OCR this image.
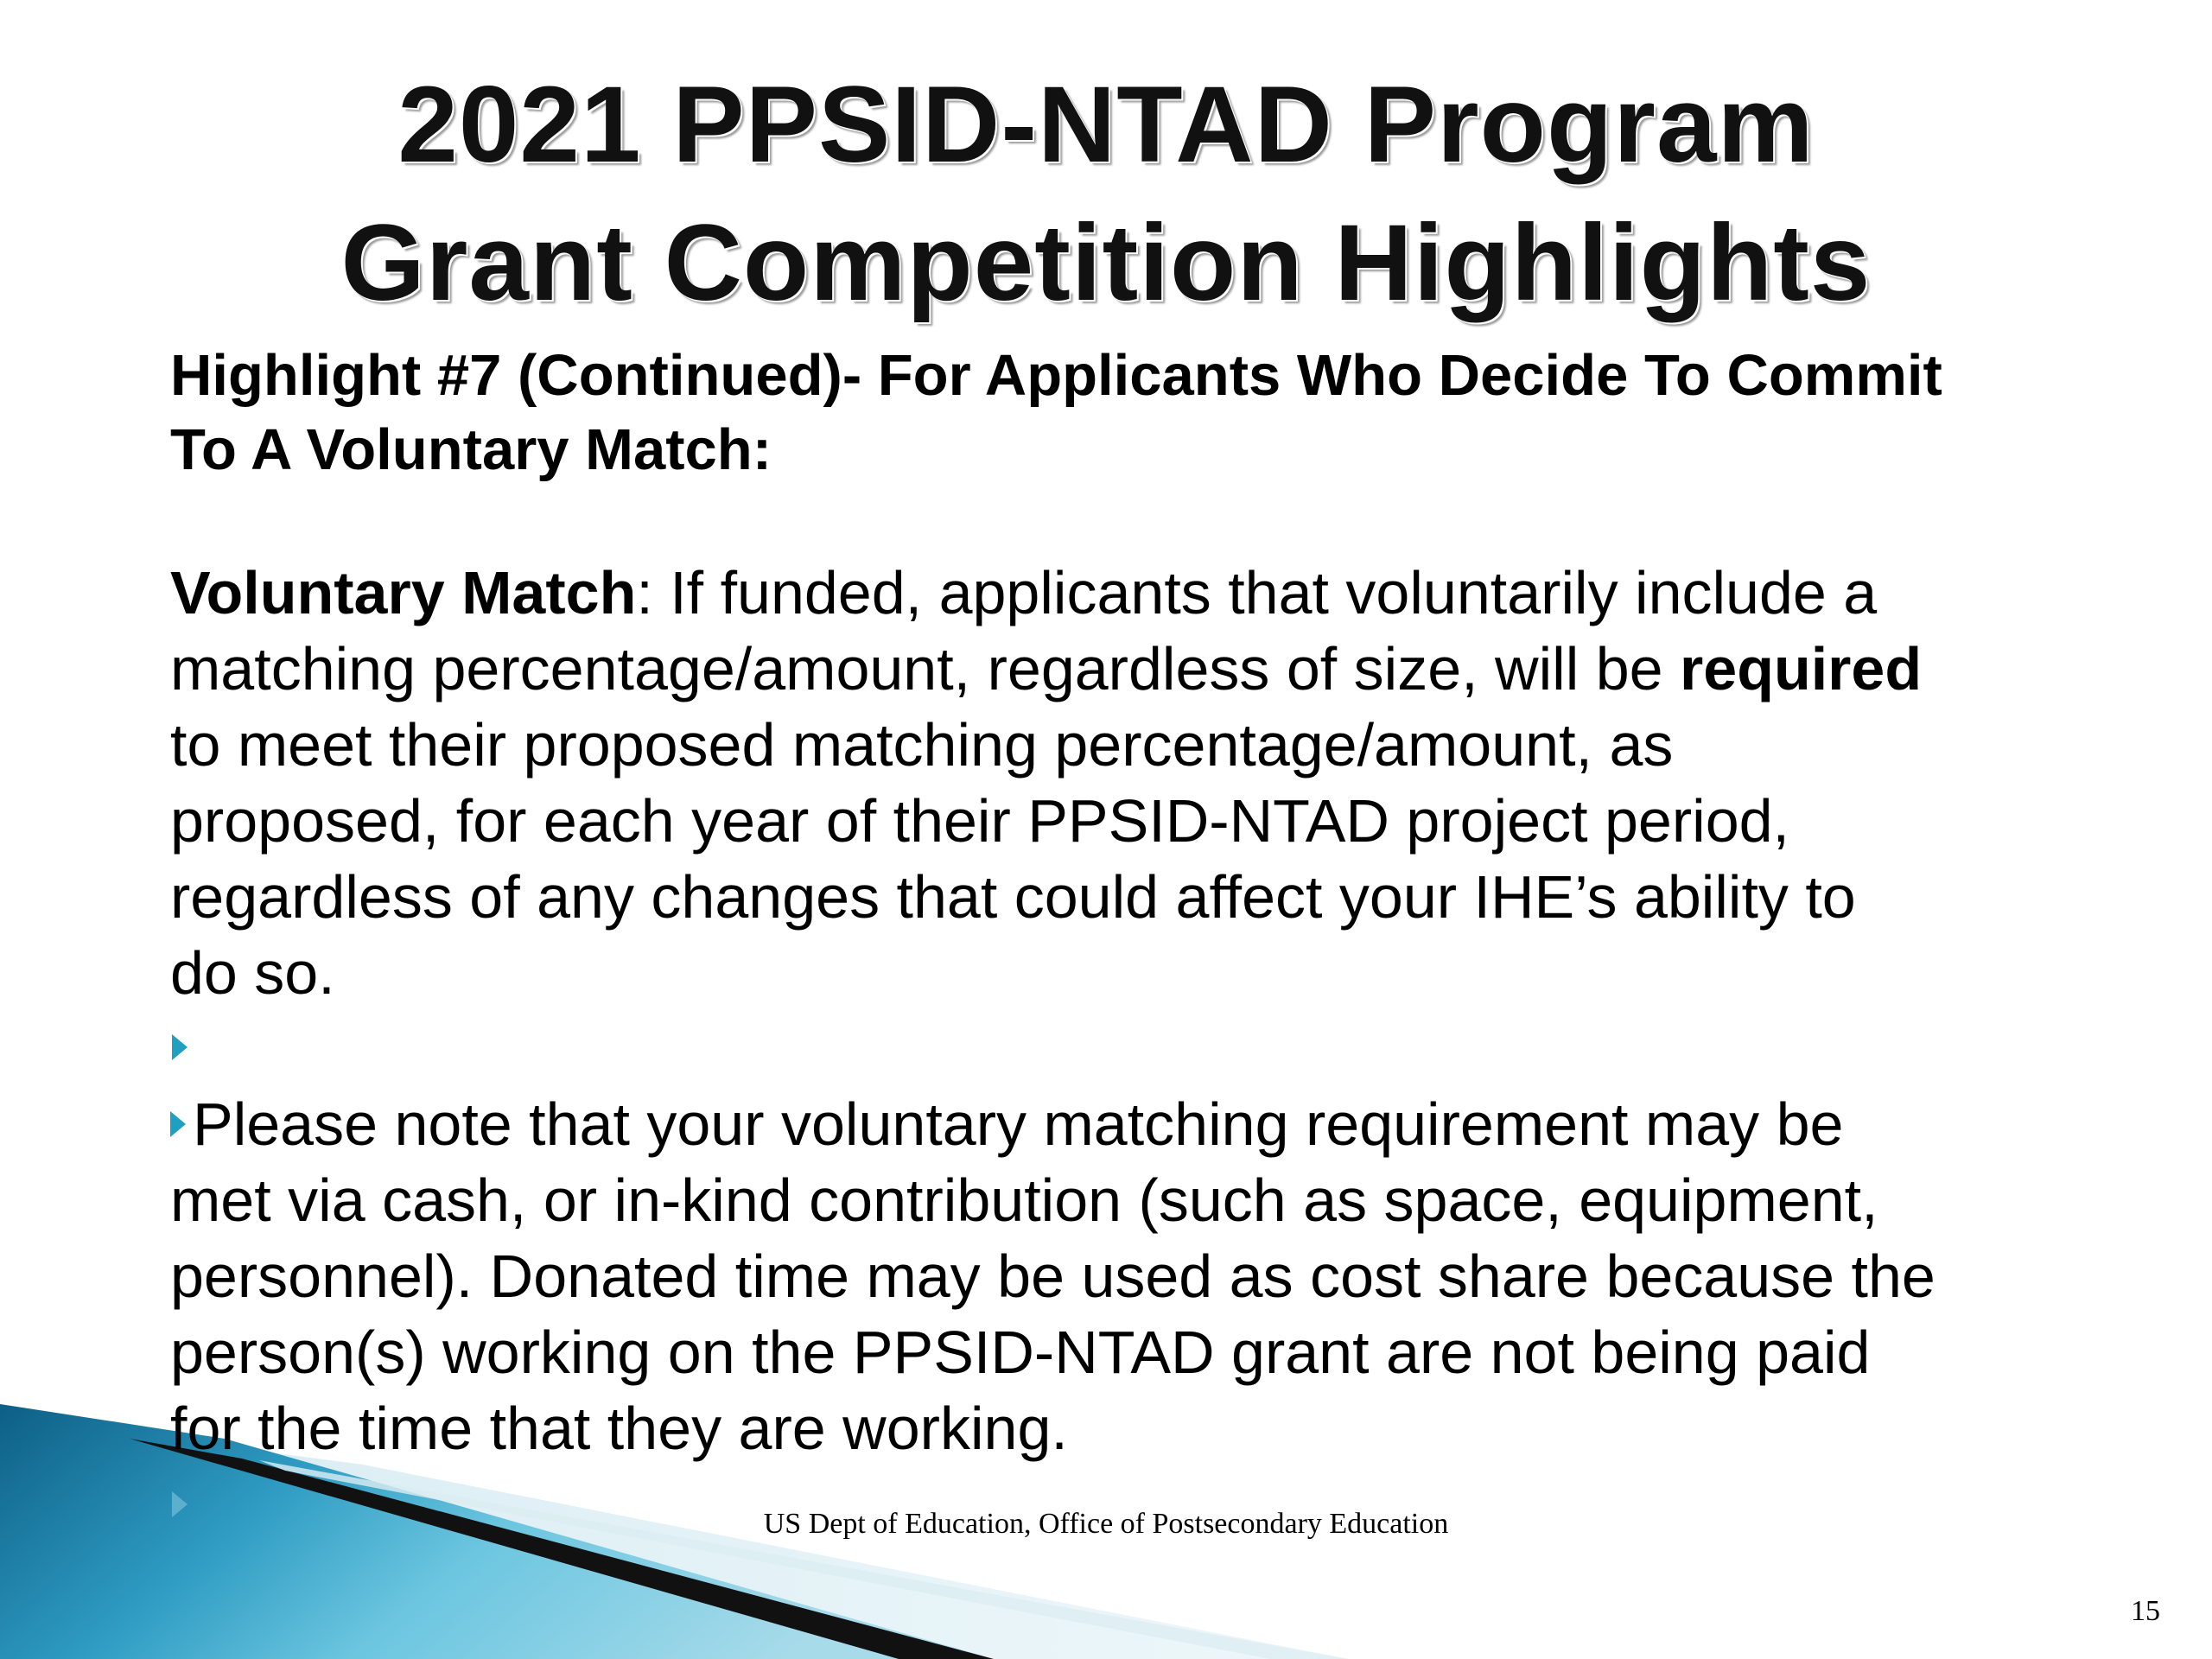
2021 PPSID-NTAD Program
Grant Competition Highlights
Highlight #7 (Continued)- For Applicants Who Decide To Commit
To A Voluntary Match:
Voluntary Match: If funded, applicants that voluntarily include a
matching percentage/amount, regardless of size, will be required
to meet their proposed matching percentage/amount, as
proposed, for each year of their PPSID-NTAD project period,
regardless of any changes that could affect your IHE’s ability to
do so.
Please note that your voluntary matching requirement may be
met via cash, or in-kind contribution (such as space, equipment,
personnel). Donated time may be used as cost share because the
person(s) working on the PPSID-NTAD grant are not being paid
for the time that they are working.
US Dept of Education, Office of Postsecondary Education
15
